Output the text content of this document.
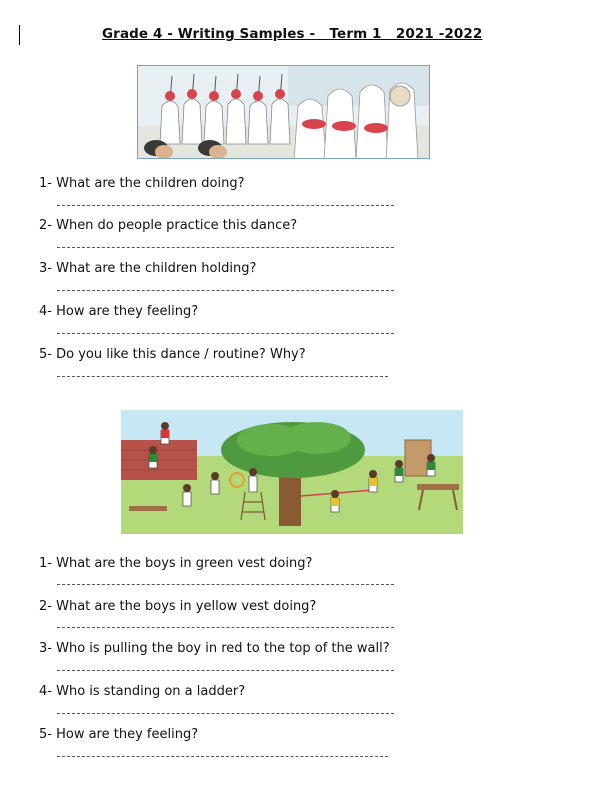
Grade 4 - Writing Samples -   Term 1   2021 -2022
1- What are the children doing?
2- When do people practice this dance?
3- What are the children holding?
4- How are they feeling?
5- Do you like this dance / routine? Why?
1- What are the boys in green vest doing?
2- What are the boys in yellow vest doing?
3- Who is pulling the boy in red to the top of the wall?
4- Who is standing on a ladder?
5- How are they feeling?
